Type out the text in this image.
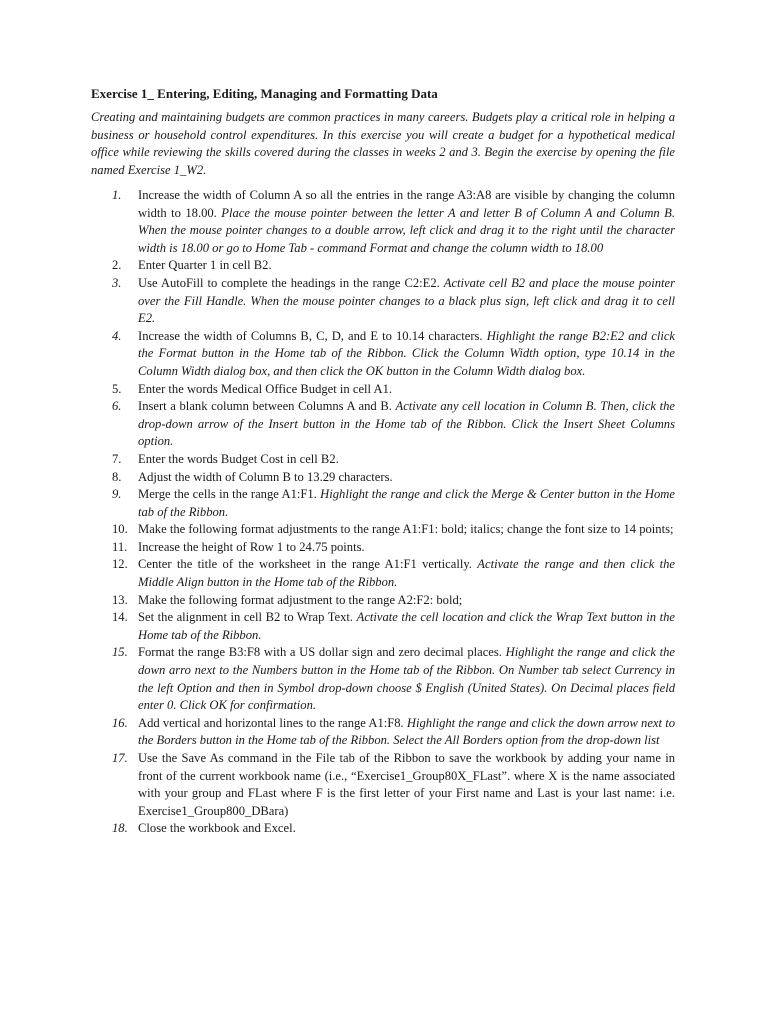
Exercise 1_ Entering, Editing, Managing and Formatting Data
Creating and maintaining budgets are common practices in many careers. Budgets play a critical role in helping a business or household control expenditures. In this exercise you will create a budget for a hypothetical medical office while reviewing the skills covered during the classes in weeks 2 and 3. Begin the exercise by opening the file named Exercise 1_W2.
1. Increase the width of Column A so all the entries in the range A3:A8 are visible by changing the column width to 18.00. Place the mouse pointer between the letter A and letter B of Column A and Column B. When the mouse pointer changes to a double arrow, left click and drag it to the right until the character width is 18.00 or go to Home Tab - command Format and change the column width to 18.00
2. Enter Quarter 1 in cell B2.
3. Use AutoFill to complete the headings in the range C2:E2. Activate cell B2 and place the mouse pointer over the Fill Handle. When the mouse pointer changes to a black plus sign, left click and drag it to cell E2.
4. Increase the width of Columns B, C, D, and E to 10.14 characters. Highlight the range B2:E2 and click the Format button in the Home tab of the Ribbon. Click the Column Width option, type 10.14 in the Column Width dialog box, and then click the OK button in the Column Width dialog box.
5. Enter the words Medical Office Budget in cell A1.
6. Insert a blank column between Columns A and B. Activate any cell location in Column B. Then, click the drop-down arrow of the Insert button in the Home tab of the Ribbon. Click the Insert Sheet Columns option.
7. Enter the words Budget Cost in cell B2.
8. Adjust the width of Column B to 13.29 characters.
9. Merge the cells in the range A1:F1. Highlight the range and click the Merge & Center button in the Home tab of the Ribbon.
10. Make the following format adjustments to the range A1:F1: bold; italics; change the font size to 14 points;
11. Increase the height of Row 1 to 24.75 points.
12. Center the title of the worksheet in the range A1:F1 vertically. Activate the range and then click the Middle Align button in the Home tab of the Ribbon.
13. Make the following format adjustment to the range A2:F2: bold;
14. Set the alignment in cell B2 to Wrap Text. Activate the cell location and click the Wrap Text button in the Home tab of the Ribbon.
15. Format the range B3:F8 with a US dollar sign and zero decimal places. Highlight the range and click the down arro next to the Numbers button in the Home tab of the Ribbon. On Number tab select Currency in the left Option and then in Symbol drop-down choose $ English (United States). On Decimal places field enter 0. Click OK for confirmation.
16. Add vertical and horizontal lines to the range A1:F8. Highlight the range and click the down arrow next to the Borders button in the Home tab of the Ribbon. Select the All Borders option from the drop-down list
17. Use the Save As command in the File tab of the Ribbon to save the workbook by adding your name in front of the current workbook name (i.e., “Exercise1_Group80X_FLast”. where X is the name associated with your group and FLast where F is the first letter of your First name and Last is your last name: i.e. Exercise1_Group800_DBara)
18. Close the workbook and Excel.
